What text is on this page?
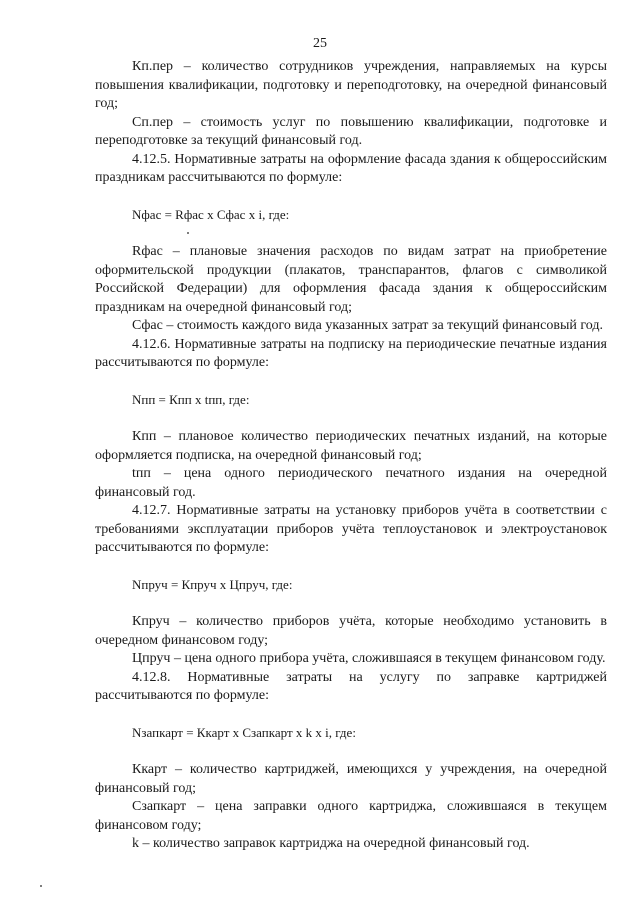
25

Кп.пер – количество сотрудников учреждения, направляемых на курсы повышения квалификации, подготовку и переподготовку, на очередной финансовый год;

Сп.пер – стоимость услуг по повышению квалификации, подготовке и переподготовке за текущий финансовый год.

4.12.5. Нормативные затраты на оформление фасада здания к общероссийским праздникам рассчитываются по формуле:

Nфас = Rфас х Сфас х i, где:

Rфас – плановые значения расходов по видам затрат на приобретение оформительской продукции (плакатов, транспарантов, флагов с символикой Российской Федерации) для оформления фасада здания к общероссийским праздникам на очередной финансовый год;

Сфас – стоимость каждого вида указанных затрат за текущий финансовый год.

4.12.6. Нормативные затраты на подписку на периодические печатные издания рассчитываются по формуле:

Nпп = Кпп х tпп, где:

Кпп – плановое количество периодических печатных изданий, на которые оформляется подписка, на очередной финансовый год;

tпп – цена одного периодического печатного издания на очередной финансовый год.

4.12.7. Нормативные затраты на установку приборов учёта в соответствии с требованиями эксплуатации приборов учёта теплоустановок и электроустановок рассчитываются по формуле:

Nпруч = Кпруч х Цпруч, где:

Кпруч – количество приборов учёта, которые необходимо установить в очередном финансовом году;

Цпруч – цена одного прибора учёта, сложившаяся в текущем финансовом году.

4.12.8. Нормативные затраты на услугу по заправке картриджей рассчитываются по формуле:

Nзапкарт = Ккарт х Сзапкарт х k х i, где:

Ккарт – количество картриджей, имеющихся у учреждения, на очередной финансовый год;

Сзапкарт – цена заправки одного картриджа, сложившаяся в текущем финансовом году;

k – количество заправок картриджа на очередной финансовый год.
